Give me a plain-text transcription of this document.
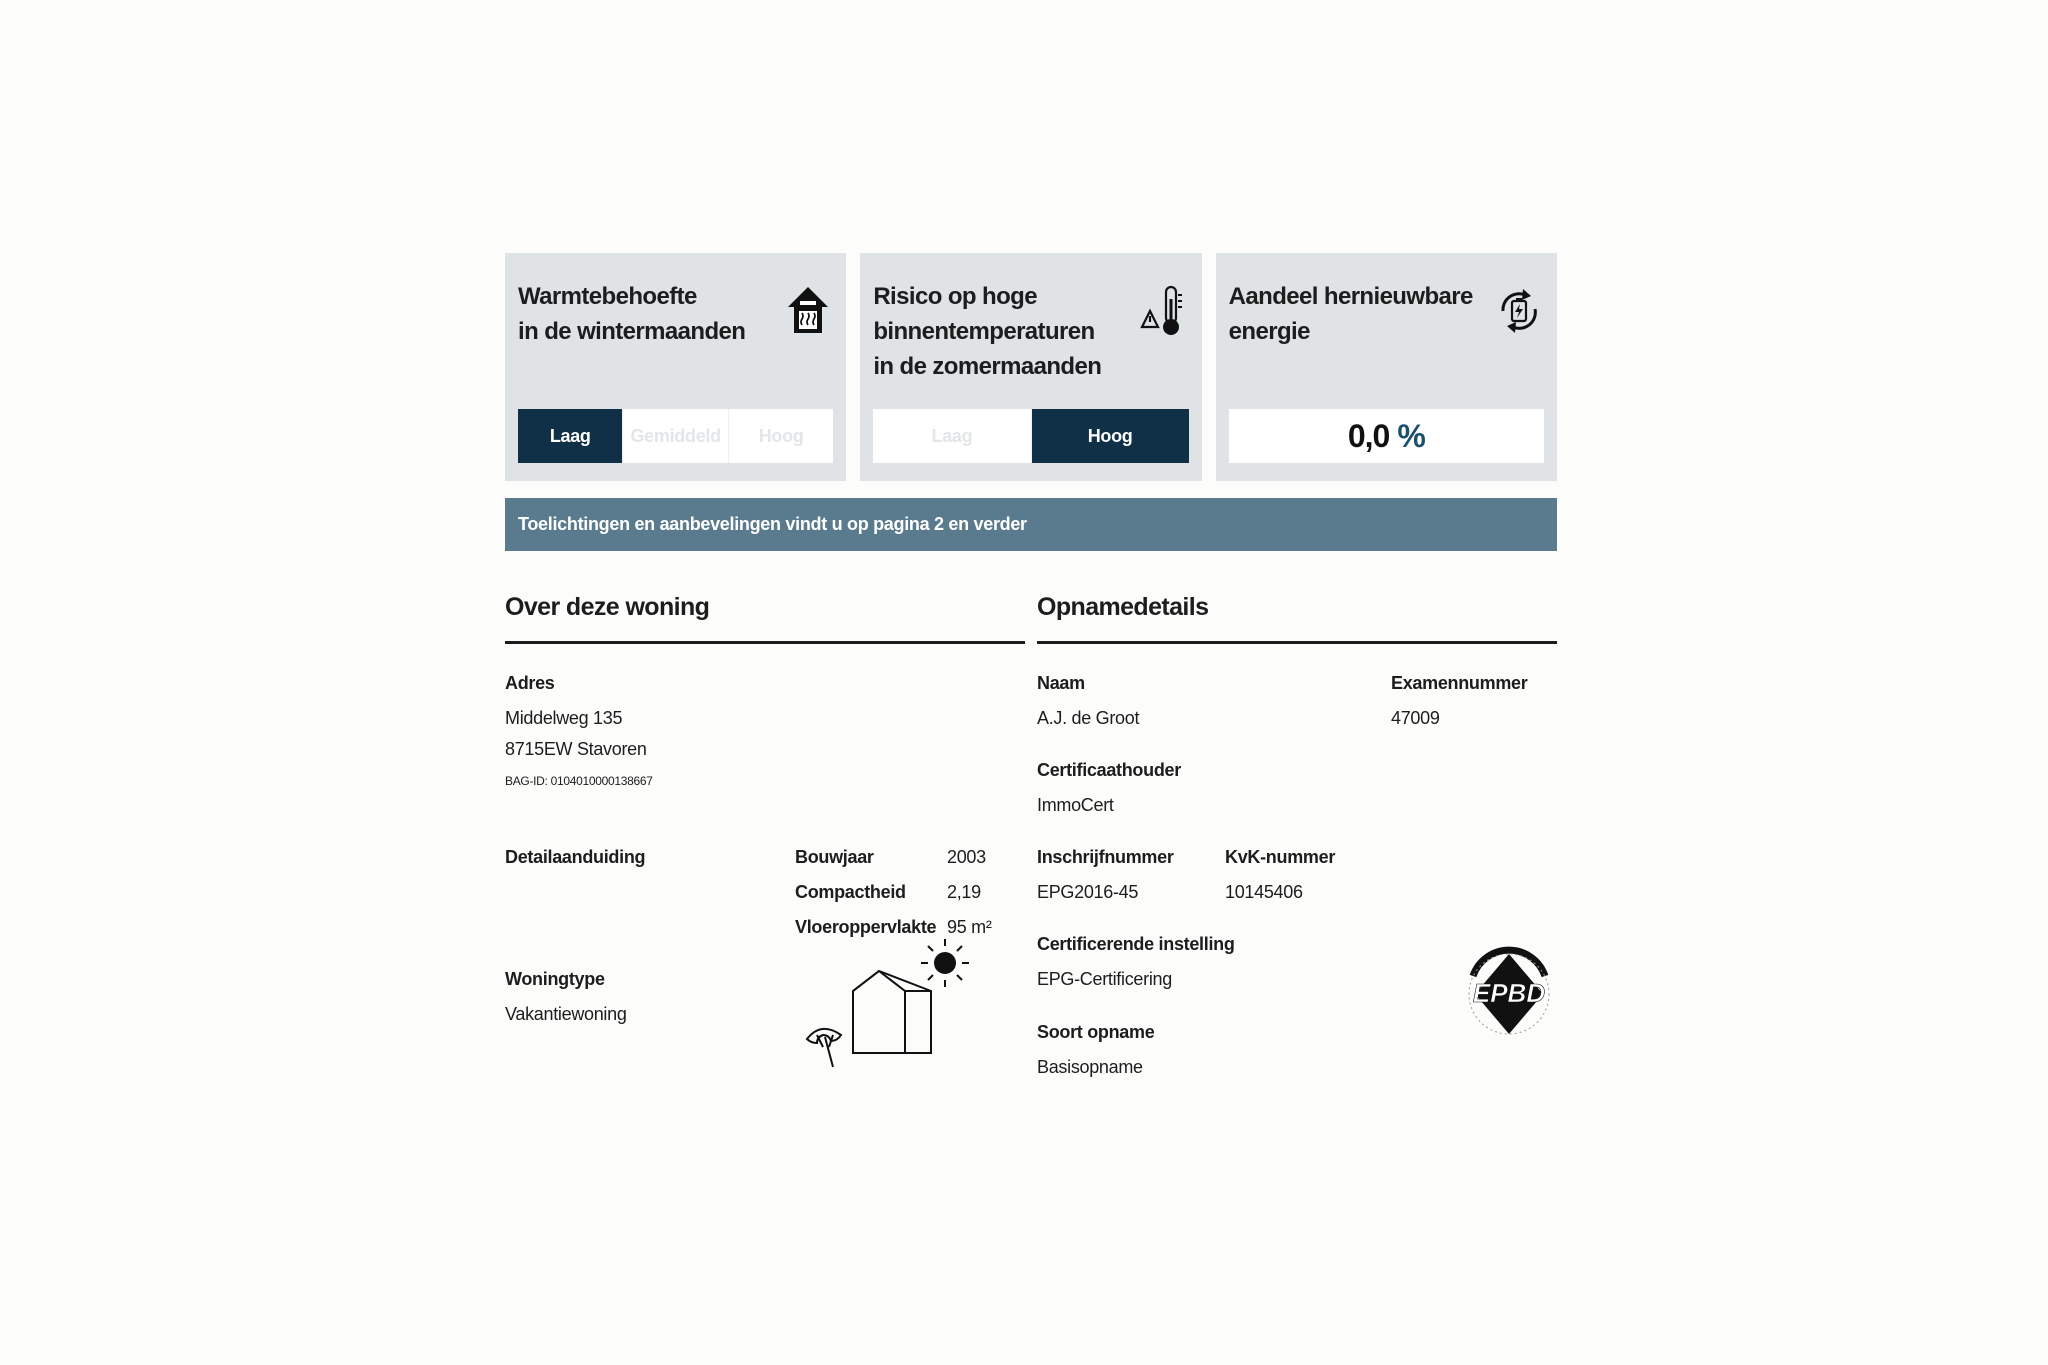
Warmtebehoefte
in de wintermaanden
Laag	Gemiddeld	Hoog
Risico op hoge
binnentemperaturen
in de zomermaanden
Laag	Hoog
Aandeel hernieuwbare
energie
0,0 %
Toelichtingen en aanbevelingen vindt u op pagina 2 en verder
Over deze woning
Adres
Middelweg 135
8715EW Stavoren
BAG-ID: 0104010000138667
Detailaanduiding	Bouwjaar	2003
Compactheid 2,19
Vloeroppervlakte 95 m²
Woningtype
Vakantiewoning
Opnamedetails
Naam
A.J. de Groot
Examennummer
47009
Certificaathouder
ImmoCert
Inschrijfnummer
EPG2016-45
KvK-nummer
10145406
Certificerende instelling
EPG-Certificering
Soort opname
Basisopname
EPBD
